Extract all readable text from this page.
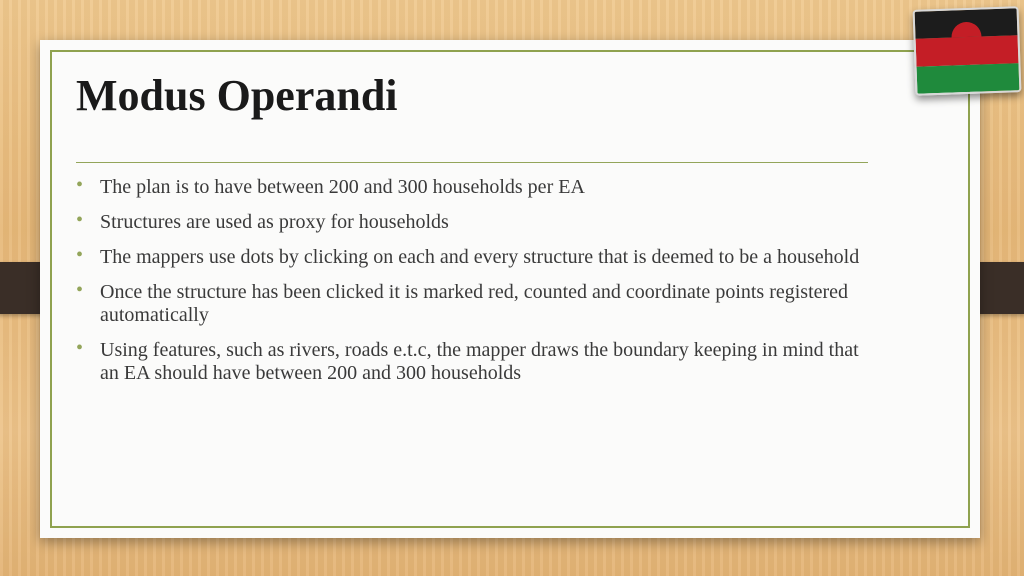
Modus Operandi
• The plan is to have between 200 and 300 households per EA
• Structures are used as proxy for households
• The mappers use dots by clicking on each and every structure that is deemed to be a household
• Once the structure has been clicked it is marked red, counted and coordinate points registered automatically
• Using features, such as rivers, roads e.t.c, the mapper draws the boundary keeping in mind that an EA should have between 200 and 300 households
